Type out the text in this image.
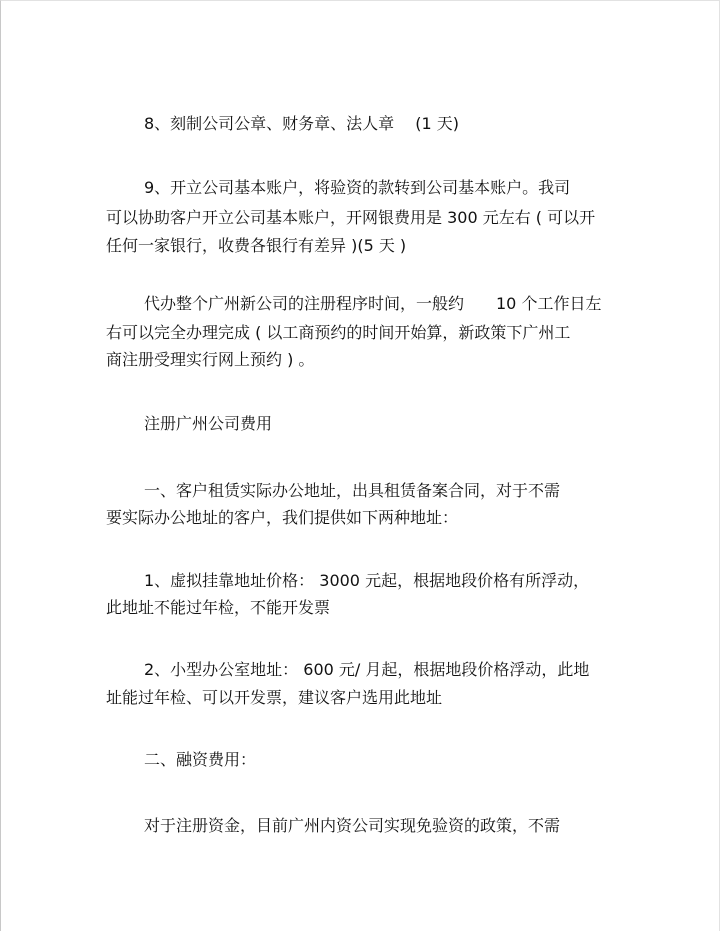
8、刻制公司公章、财务章、法人章　 (1 天)
9、开立公司基本账户，将验资的款转到公司基本账户。我司
可以协助客户开立公司基本账户，开网银费用是 300 元左右 ( 可以开
任何一家银行，收费各银行有差异 )(5 天 )
代办整个广州新公司的注册程序时间，一般约　　10 个工作日左
右可以完全办理完成 ( 以工商预约的时间开始算，新政策下广州工
商注册受理实行网上预约 ) 。
注册广州公司费用
一、客户租赁实际办公地址，出具租赁备案合同，对于不需
要实际办公地址的客户，我们提供如下两种地址：
1、虚拟挂靠地址价格： 3000 元起，根据地段价格有所浮动，
此地址不能过年检，不能开发票
2、小型办公室地址： 600 元/ 月起，根据地段价格浮动，此地
址能过年检、可以开发票，建议客户选用此地址
二、融资费用：
对于注册资金，目前广州内资公司实现免验资的政策，不需
